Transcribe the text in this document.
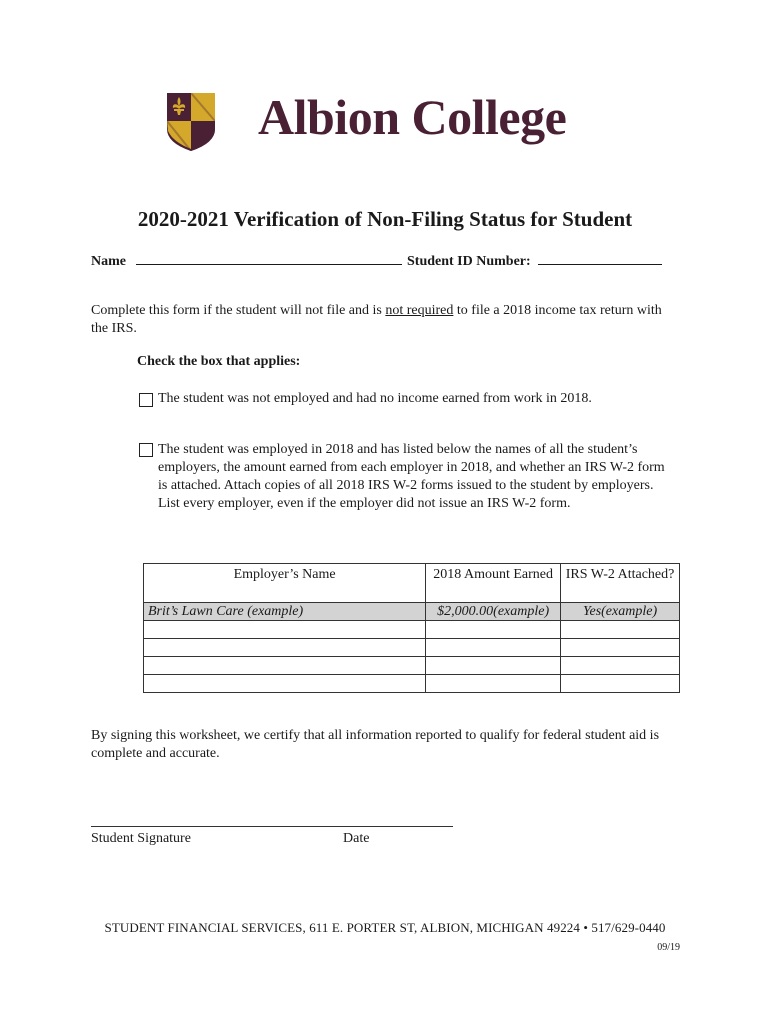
Albion College
2020-2021 Verification of Non-Filing Status for Student
Name	Student ID Number:
Complete this form if the student will not file and is not required to file a 2018 income tax return with the IRS.
Check the box that applies:
The student was not employed and had no income earned from work in 2018.
The student was employed in 2018 and has listed below the names of all the student’s employers, the amount earned from each employer in 2018, and whether an IRS W-2 form is attached. Attach copies of all 2018 IRS W-2 forms issued to the student by employers. List every employer, even if the employer did not issue an IRS W-2 form.
Employer’s Name	2018 Amount Earned	IRS W-2 Attached?
Brit’s Lawn Care (example)	$2,000.00(example)	Yes(example)

By signing this worksheet, we certify that all information reported to qualify for federal student aid is complete and accurate.
Student Signature	Date
STUDENT FINANCIAL SERVICES, 611 E. PORTER ST, ALBION, MICHIGAN 49224 • 517/629-0440
09/19
